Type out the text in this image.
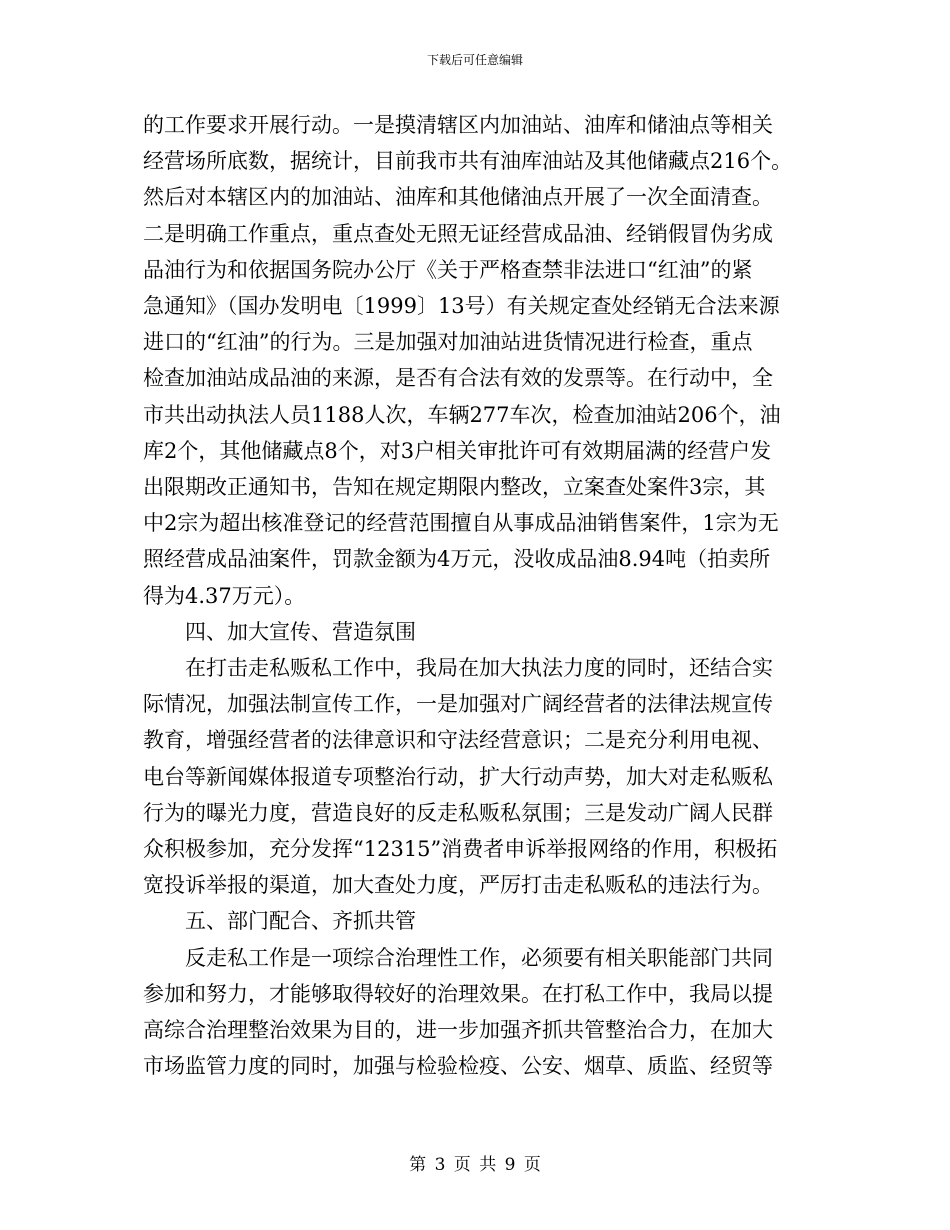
下载后可任意编辑
的工作要求开展行动。一是摸清辖区内加油站、油库和储油点等相关
经营场所底数，据统计，目前我市共有油库油站及其他储藏点216个。
然后对本辖区内的加油站、油库和其他储油点开展了一次全面清查。
二是明确工作重点，重点查处无照无证经营成品油、经销假冒伪劣成
品油行为和依据国务院办公厅《关于严格查禁非法进口“红油”的紧
急通知》（国办发明电〔1999〕13号）有关规定查处经销无合法来源
进口的“红油”的行为。三是加强对加油站进货情况进行检查，重点
检查加油站成品油的来源，是否有合法有效的发票等。在行动中，全
市共出动执法人员1188人次，车辆277车次，检查加油站206个，油
库2个，其他储藏点8个，对3户相关审批许可有效期届满的经营户发
出限期改正通知书，告知在规定期限内整改，立案查处案件3宗，其
中2宗为超出核准登记的经营范围擅自从事成品油销售案件，1宗为无
照经营成品油案件，罚款金额为4万元，没收成品油8.94吨（拍卖所
得为4.37万元）。
　　四、加大宣传、营造氛围
　　在打击走私贩私工作中，我局在加大执法力度的同时，还结合实
际情况，加强法制宣传工作，一是加强对广阔经营者的法律法规宣传
教育，增强经营者的法律意识和守法经营意识；二是充分利用电视、
电台等新闻媒体报道专项整治行动，扩大行动声势，加大对走私贩私
行为的曝光力度，营造良好的反走私贩私氛围；三是发动广阔人民群
众积极参加，充分发挥“12315”消费者申诉举报网络的作用，积极拓
宽投诉举报的渠道，加大查处力度，严厉打击走私贩私的违法行为。
　　五、部门配合、齐抓共管
　　反走私工作是一项综合治理性工作，必须要有相关职能部门共同
参加和努力，才能够取得较好的治理效果。在打私工作中，我局以提
高综合治理整治效果为目的，进一步加强齐抓共管整治合力，在加大
市场监管力度的同时，加强与检验检疫、公安、烟草、质监、经贸等
第 3 页 共 9 页
